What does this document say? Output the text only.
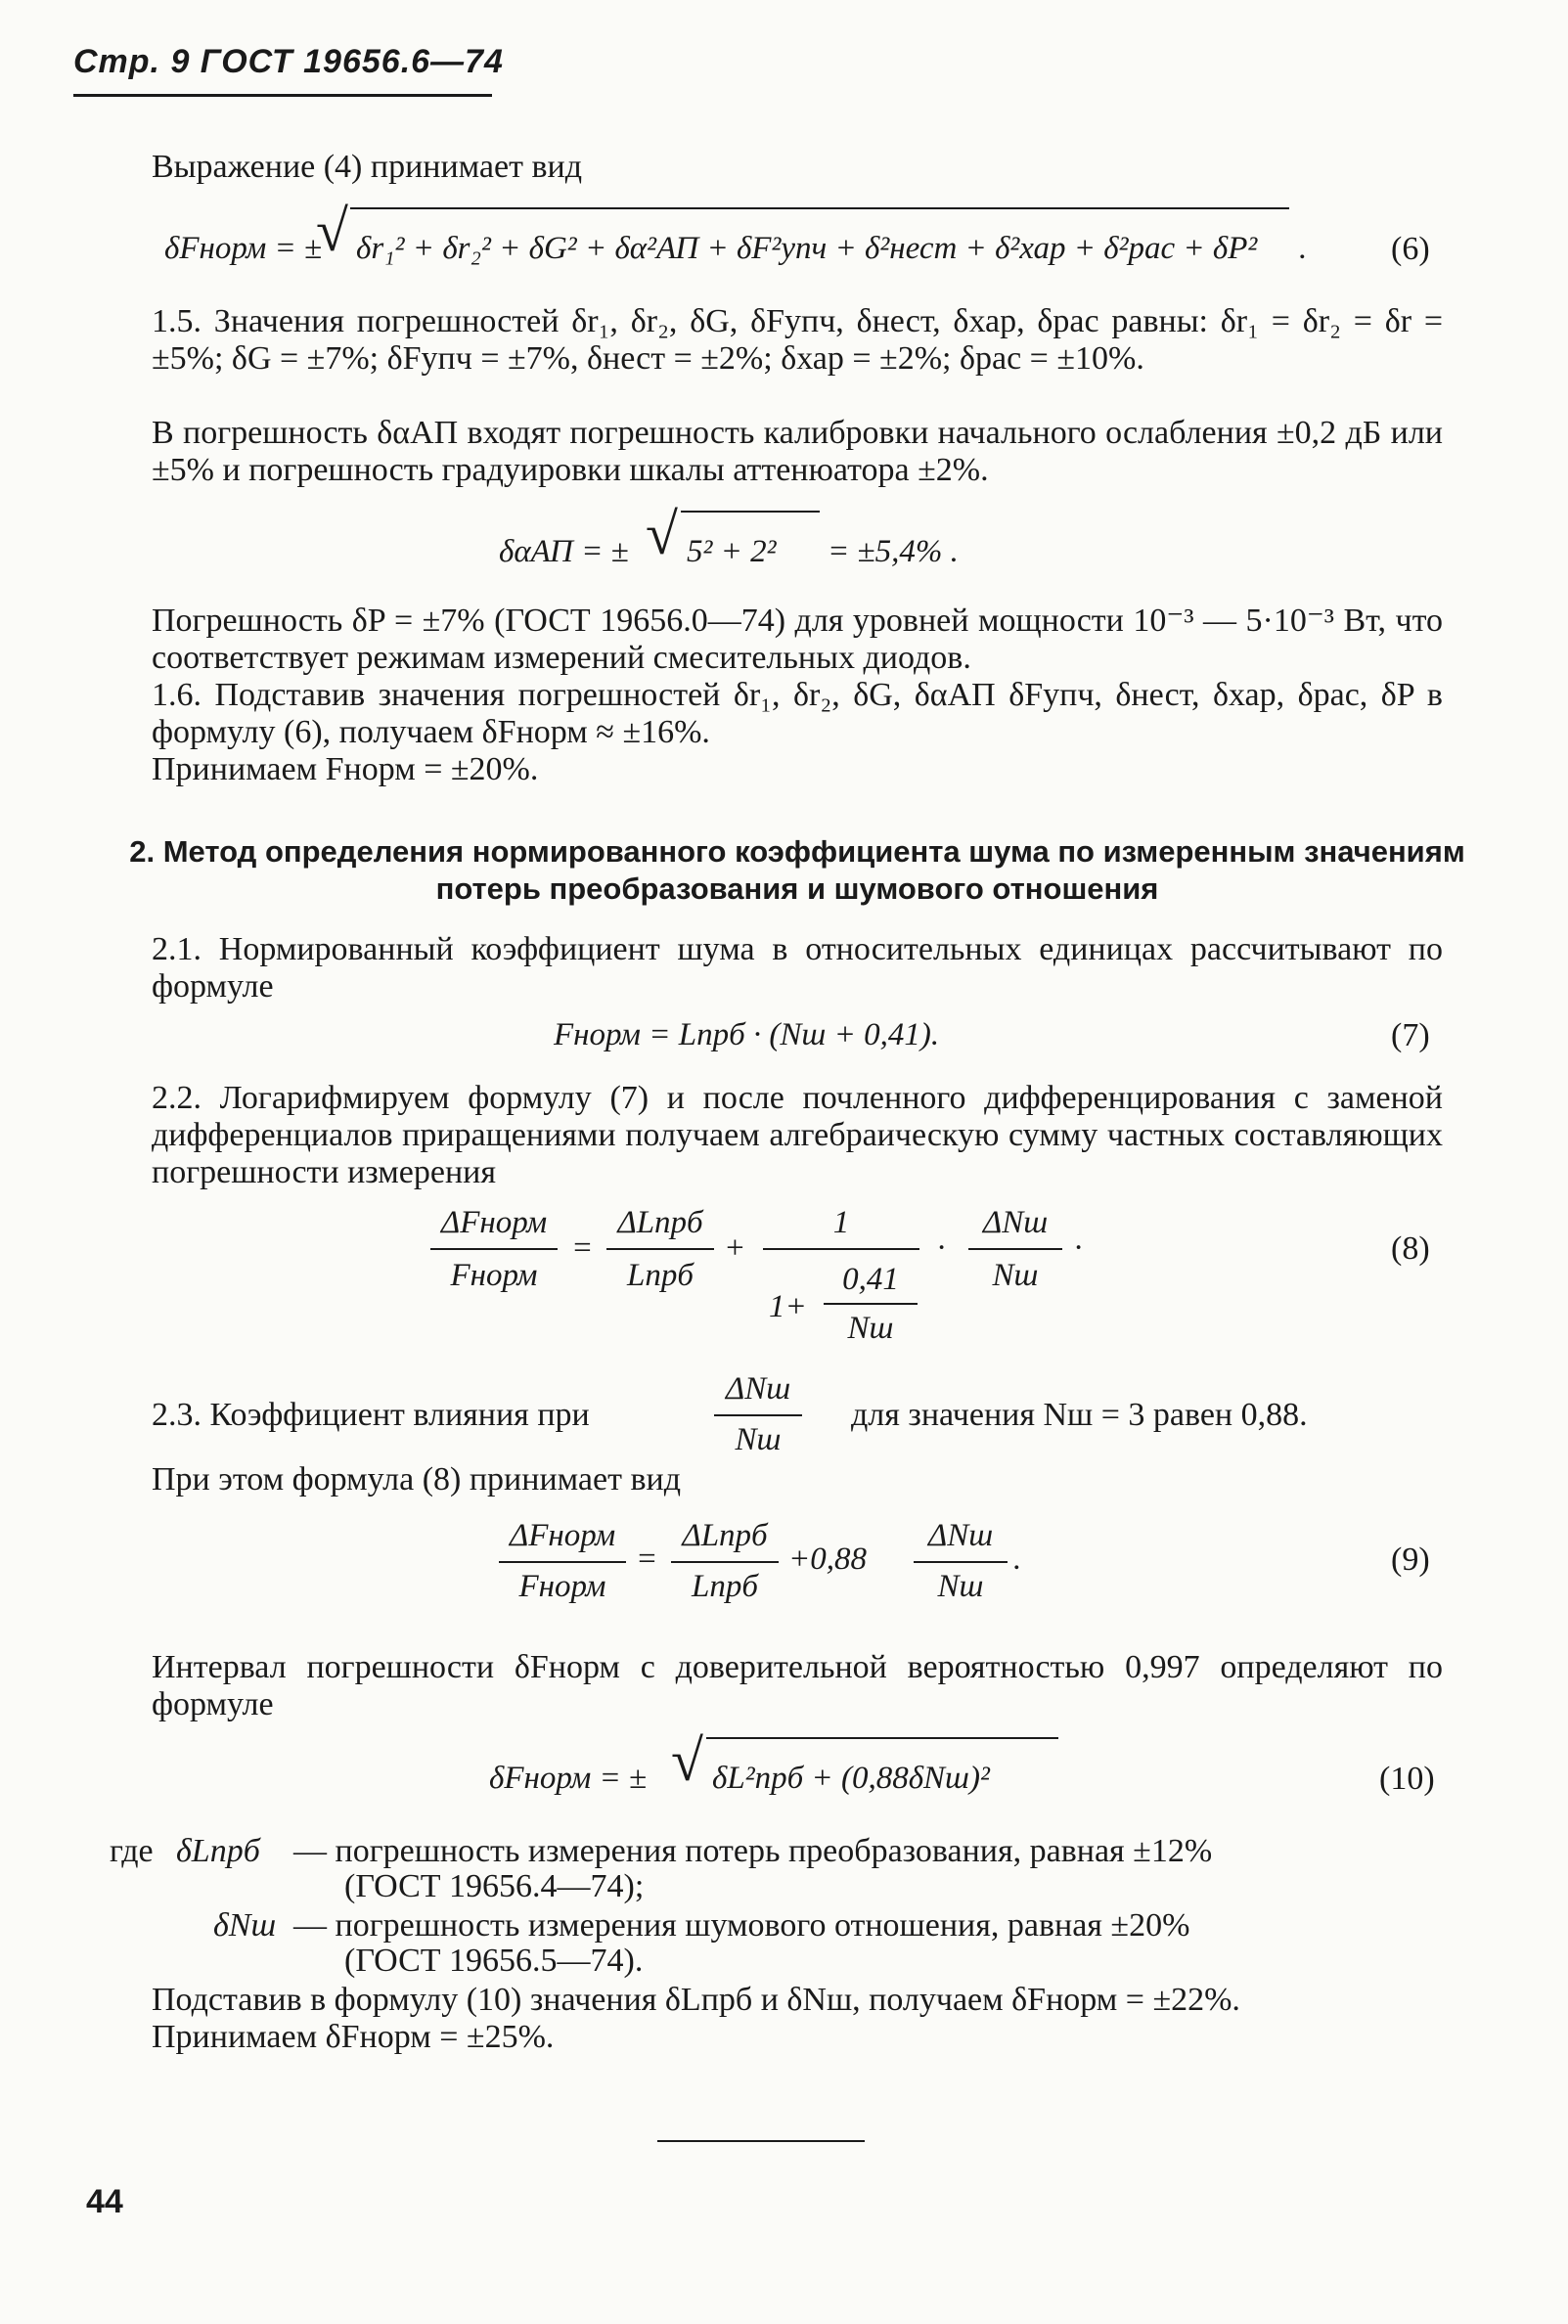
Стр. 9 ГОСТ 19656.6—74
Выражение (4) принимает вид
δFнорм = ±
√ δr₁² + δr₂² + δG² + δα²АП + δF²упч + δ²нест + δ²хар + δ²рас + δP² .	(6)
1.5. Значения погрешностей δr₁, δr₂, δG, δFупч, δнест, δхар, δрас равны: δr₁ = δr₂ = δr = ±5%; δG = ±7%; δFупч = ±7%, δнест = ±2%; δхар = ±2%; δрас = ±10%.
В погрешность δαАП входят погрешность калибровки начального ослабления ±0,2 дБ или ±5% и погрешность градуировки шкалы аттенюатора ±2%.
δαАП = ± √ 5² + 2² = ±5,4% .
Погрешность δP = ±7% (ГОСТ 19656.0—74) для уровней мощности 10⁻³ — 5·10⁻³ Вт, что соответствует режимам измерений смесительных диодов.
1.6. Подставив значения погрешностей δr₁, δr₂, δG, δαАП δFупч, δнест, δхар, δрас, δP в формулу (6), получаем δFнорм ≈ ±16%.
Принимаем Fнорм = ±20%.
2. Метод определения нормированного коэффициента шума по измеренным значениям потерь преобразования и шумового отношения
2.1. Нормированный коэффициент шума в относительных единицах рассчитывают по формуле
Fнорм = Lпрб · (Nш + 0,41).	(7)
2.2. Логарифмируем формулу (7) и после почленного дифференцирования с заменой дифференциалов приращениями получаем алгебраическую сумму частных составляющих погрешности измерения
ΔFнорм
Fнорм
=
ΔLпрб
Lпрб
+
1
1+
0,41
Nш
·
ΔNш
Nш
·	(8)
2.3. Коэффициент влияния при
ΔNш
Nш
для значения Nш = 3 равен 0,88.
При этом формула (8) принимает вид
ΔFнорм
Fнорм
=
ΔLпрб
Lпрб
+0,88
ΔNш
Nш
.	(9)
Интервал погрешности δFнорм с доверительной вероятностью 0,997 определяют по формуле
δFнорм = ± √ δL²прб + (0,88δNш)²	(10)
где δLпрб — погрешность измерения потерь преобразования, равная ±12%
(ГОСТ 19656.4—74);
δNш — погрешность измерения шумового отношения, равная ±20%
(ГОСТ 19656.5—74).
Подставив в формулу (10) значения δLпрб и δNш, получаем δFнорм = ±22%.
Принимаем δFнорм = ±25%.
44
